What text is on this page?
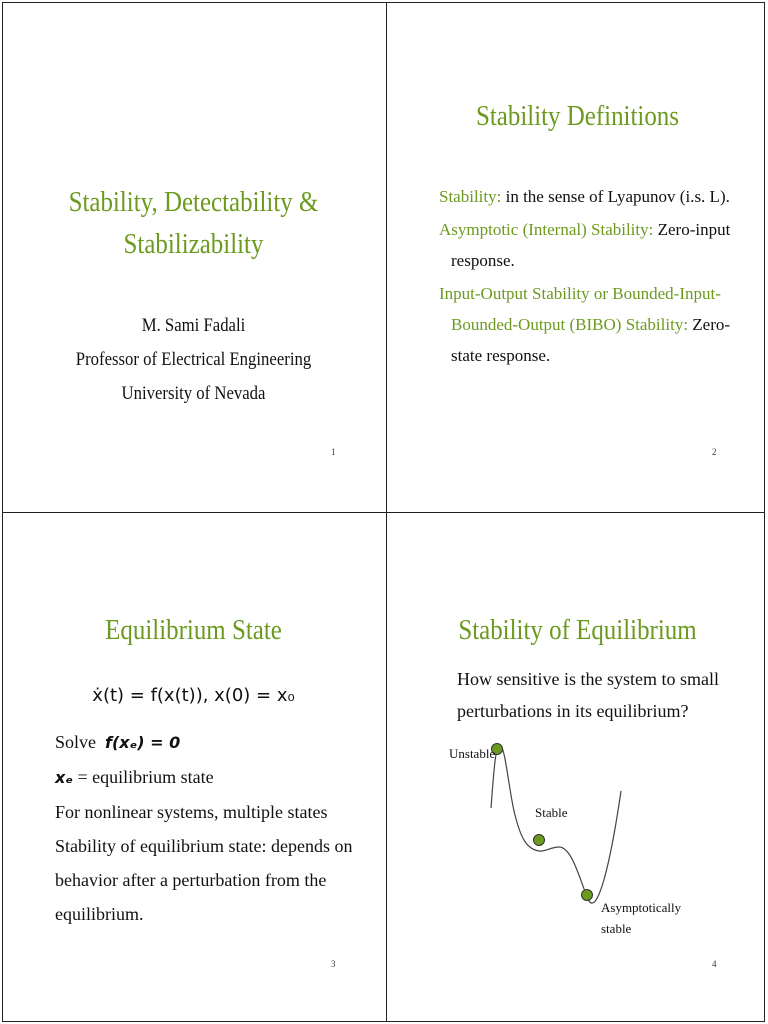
Stability, Detectability &
Stabilizability
M. Sami Fadali
Professor of Electrical Engineering
University of Nevada
1
Stability Definitions
Stability: in the sense of Lyapunov (i.s. L).
Asymptotic (Internal) Stability: Zero-input response.
Input-Output Stability or Bounded-Input-Bounded-Output (BIBO) Stability: Zero-state response.
2
Equilibrium State
ẋ(t) = f(x(t)), x(0) = x₀
Solve f(xₑ) = 0
xₑ = equilibrium state
For nonlinear systems, multiple states
Stability of equilibrium state: depends on
behavior after a perturbation from the
equilibrium.
3
Stability of Equilibrium
How sensitive is the system to small
perturbations in its equilibrium?
Unstable
Stable
Asymptotically
stable
4
